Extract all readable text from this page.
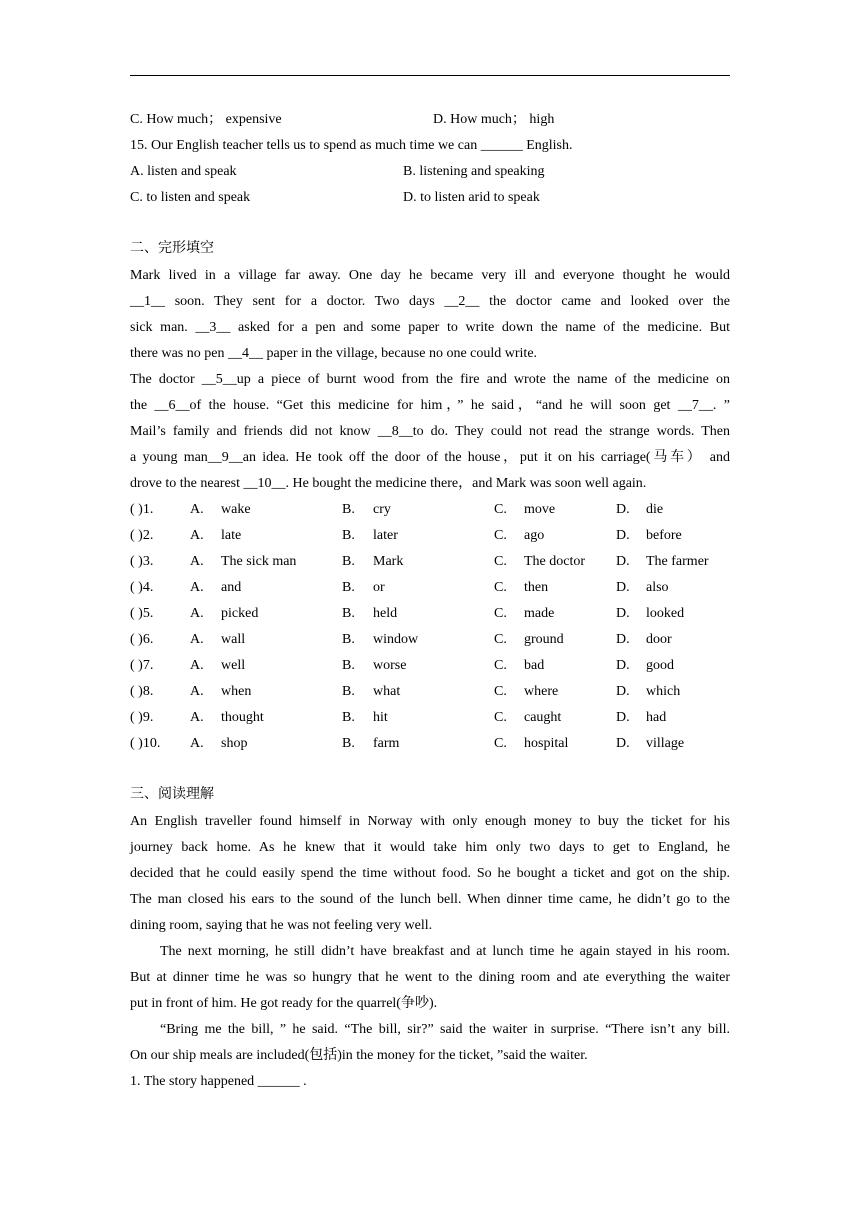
C. How much； expensive	D. How much； high
15. Our English teacher tells us to spend as much time we can ______ English.
A. listen and speak	B. listening and speaking
C. to listen and speak	D. to listen arid to speak
二、完形填空
Mark lived in a village far away. One day he became very ill and everyone thought he would
__1__ soon. They sent for a doctor. Two days __2__ the doctor came and looked over the
sick man. __3__ asked for a pen and some paper to write down the name of the medicine. But
there was no pen __4__ paper in the village, because no one could write.
The doctor __5__up a piece of burnt wood from the fire and wrote the name of the medicine on
the __6__of the house. “Get this medicine for him，” he said，“and he will soon get __7__. ”
Mail’s family and friends did not know __8__to do. They could not read the strange words. Then
a young man__9__an idea. He took off the door of the house，put it on his carriage(马车） and
drove to the nearest __10__. He bought the medicine there，and Mark was soon well again.
( )1.	A. wake	B. cry	C. move	D. die
( )2.	A. late	B. later	C. ago	D. before
( )3.	A. The sick man	B. Mark	C. The doctor D. The farmer
( )4.	A. and	B. or	C. then	D. also
( )5.	A. picked	B. held	C. made	D. looked
( )6.	A. wall	B. window	C. ground	D. door
( )7.	A. well	B. worse	C. bad	D. good
( )8.	A. when	B. what	C. where	D. which
( )9.	A. thought	B. hit	C. caught	D. had
( )10. A. shop	B. farm	C. hospital	D. village
三、阅读理解
An English traveller found himself in Norway with only enough money to buy the ticket for his
journey back home. As he knew that it would take him only two days to get to England, he
decided that he could easily spend the time without food. So he bought a ticket and got on the ship.
The man closed his ears to the sound of the lunch bell. When dinner time came, he didn’t go to the
dining room, saying that he was not feeling very well.
The next morning, he still didn’t have breakfast and at lunch time he again stayed in his room.
But at dinner time he was so hungry that he went to the dining room and ate everything the waiter
put in front of him. He got ready for the quarrel(争吵).
“Bring me the bill, ” he said. “The bill, sir?” said the waiter in surprise. “There isn’t any bill.
On our ship meals are included(包括)in the money for the ticket, ”said the waiter.
1. The story happened ______ .
